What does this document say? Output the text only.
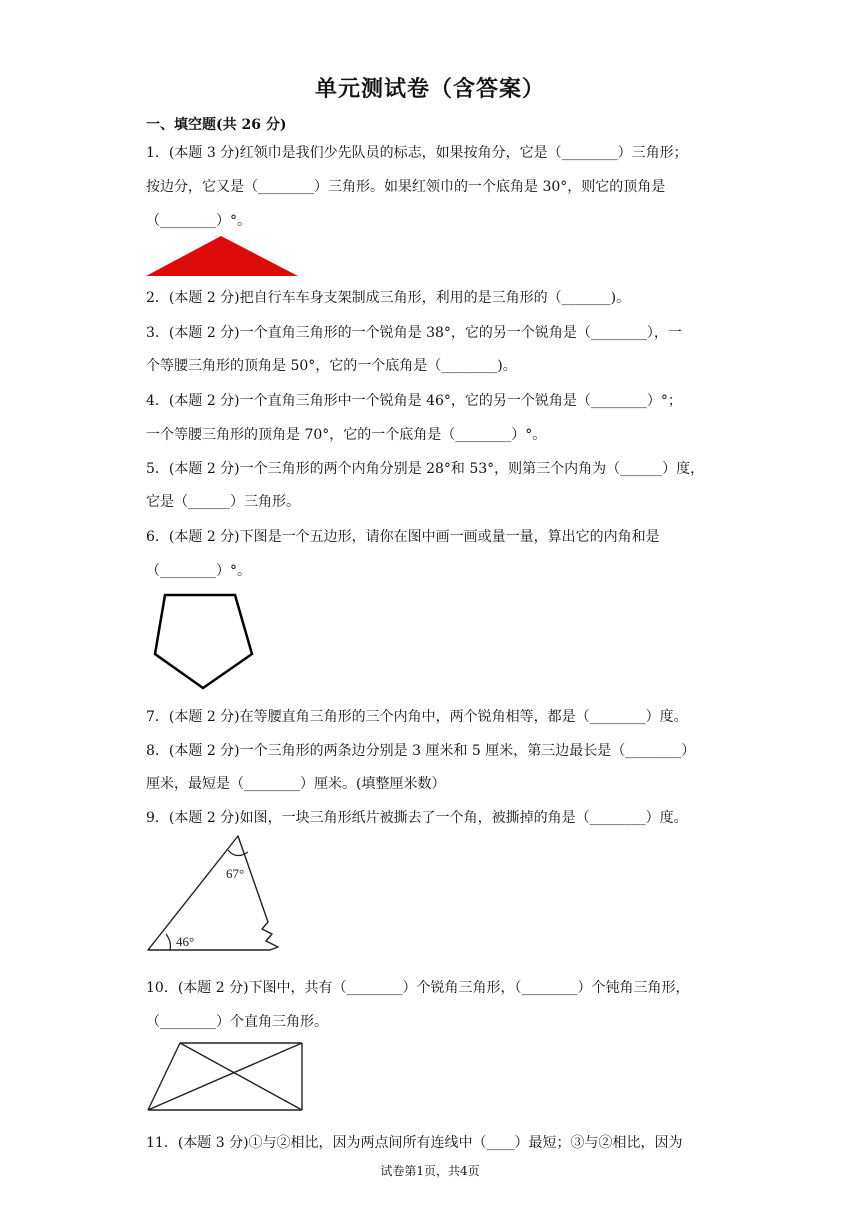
单元测试卷（含答案）
一、填空题(共 26 分)
1．(本题 3 分)红领巾是我们少先队员的标志，如果按角分，它是（________）三角形；
按边分，它又是（________）三角形。如果红领巾的一个底角是 30°，则它的顶角是
（________）°。
2．(本题 2 分)把自行车车身支架制成三角形，利用的是三角形的（_______)。
3．(本题 2 分)一个直角三角形的一个锐角是 38°，它的另一个锐角是（________），一
个等腰三角形的顶角是 50°，它的一个底角是（________)。
4．(本题 2 分)一个直角三角形中一个锐角是 46°，它的另一个锐角是（________）°；
一个等腰三角形的顶角是 70°，它的一个底角是（________）°。
5．(本题 2 分)一个三角形的两个内角分别是 28°和 53°，则第三个内角为（______）度，
它是（______）三角形。
6．(本题 2 分)下图是一个五边形，请你在图中画一画或量一量，算出它的内角和是
（________）°。
7．(本题 2 分)在等腰直角三角形的三个内角中，两个锐角相等，都是（________）度。
8．(本题 2 分)一个三角形的两条边分别是 3 厘米和 5 厘米，第三边最长是（________）
厘米，最短是（________）厘米。(填整厘米数）
9．(本题 2 分)如图，一块三角形纸片被撕去了一个角，被撕掉的角是（________）度。
67°
46°
10．(本题 2 分)下图中，共有（________）个锐角三角形，（________）个钝角三角形，
（________）个直角三角形。
11．(本题 3 分)①与②相比，因为两点间所有连线中（____）最短；③与②相比，因为
试卷第1页，共4页
